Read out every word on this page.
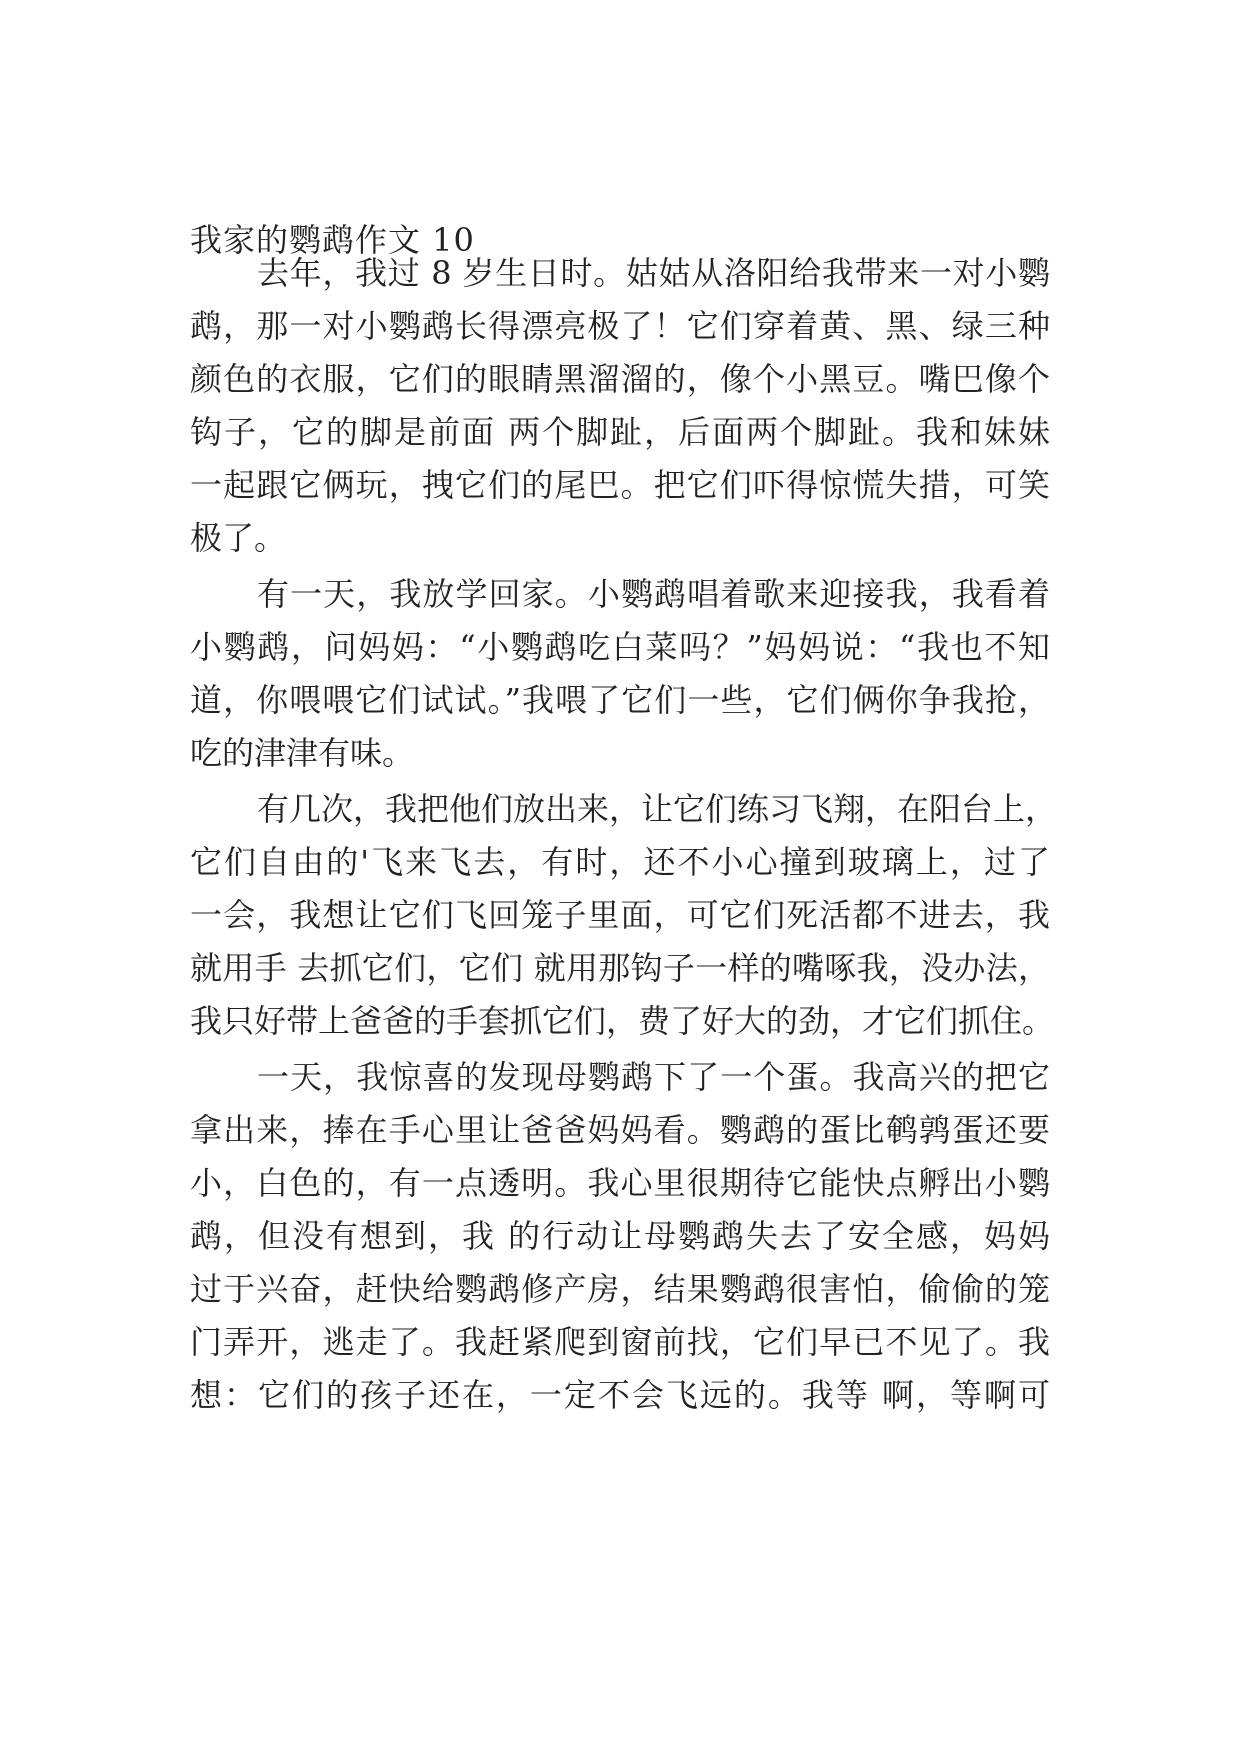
我家的鹦鹉作文 10
去年，我过 8 岁生日时。姑姑从洛阳给我带来一对小鹦
鹉，那一对小鹦鹉长得漂亮极了！它们穿着黄、黑、绿三种
颜色的衣服，它们的眼睛黑溜溜的，像个小黑豆。嘴巴像个
钩子，它的脚是前面 两个脚趾，后面两个脚趾。我和妹妹
一起跟它俩玩，拽它们的尾巴。把它们吓得惊慌失措，可笑
极了。
有一天，我放学回家。小鹦鹉唱着歌来迎接我，我看着
小鹦鹉，问妈妈：“小鹦鹉吃白菜吗？”妈妈说：“我也不知
道，你喂喂它们试试。”我喂了它们一些，它们俩你争我抢，
吃的津津有味。
有几次，我把他们放出来，让它们练习飞翔，在阳台上，
它们自由的'飞来飞去，有时，还不小心撞到玻璃上，过了
一会，我想让它们飞回笼子里面，可它们死活都不进去，我
就用手 去抓它们，它们 就用那钩子一样的嘴啄我，没办法，
我只好带上爸爸的手套抓它们，费了好大的劲，才它们抓住。
一天，我惊喜的发现母鹦鹉下了一个蛋。我高兴的把它
拿出来，捧在手心里让爸爸妈妈看。鹦鹉的蛋比鹌鹑蛋还要
小，白色的，有一点透明。我心里很期待它能快点孵出小鹦
鹉，但没有想到，我 的行动让母鹦鹉失去了安全感，妈妈
过于兴奋，赶快给鹦鹉修产房，结果鹦鹉很害怕，偷偷的笼
门弄开，逃走了。我赶紧爬到窗前找，它们早已不见了。我
想：它们的孩子还在，一定不会飞远的。我等 啊，等啊可
